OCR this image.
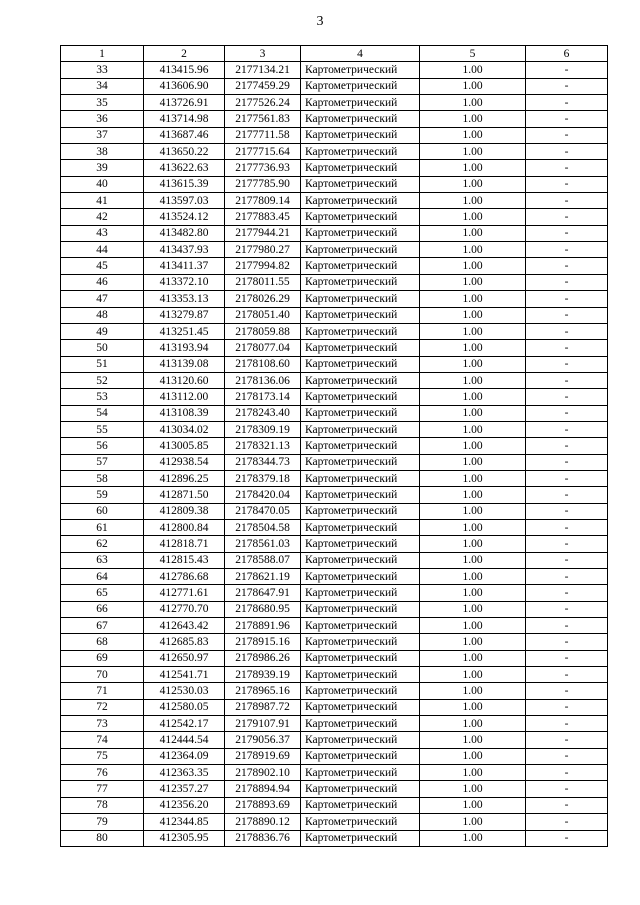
3
1	2	3	4	5	6
33	413415.96	2177134.21	Картометрический	1.00	-
34	413606.90	2177459.29	Картометрический	1.00	-
35	413726.91	2177526.24	Картометрический	1.00	-
36	413714.98	2177561.83	Картометрический	1.00	-
37	413687.46	2177711.58	Картометрический	1.00	-
38	413650.22	2177715.64	Картометрический	1.00	-
39	413622.63	2177736.93	Картометрический	1.00	-
40	413615.39	2177785.90	Картометрический	1.00	-
41	413597.03	2177809.14	Картометрический	1.00	-
42	413524.12	2177883.45	Картометрический	1.00	-
43	413482.80	2177944.21	Картометрический	1.00	-
44	413437.93	2177980.27	Картометрический	1.00	-
45	413411.37	2177994.82	Картометрический	1.00	-
46	413372.10	2178011.55	Картометрический	1.00	-
47	413353.13	2178026.29	Картометрический	1.00	-
48	413279.87	2178051.40	Картометрический	1.00	-
49	413251.45	2178059.88	Картометрический	1.00	-
50	413193.94	2178077.04	Картометрический	1.00	-
51	413139.08	2178108.60	Картометрический	1.00	-
52	413120.60	2178136.06	Картометрический	1.00	-
53	413112.00	2178173.14	Картометрический	1.00	-
54	413108.39	2178243.40	Картометрический	1.00	-
55	413034.02	2178309.19	Картометрический	1.00	-
56	413005.85	2178321.13	Картометрический	1.00	-
57	412938.54	2178344.73	Картометрический	1.00	-
58	412896.25	2178379.18	Картометрический	1.00	-
59	412871.50	2178420.04	Картометрический	1.00	-
60	412809.38	2178470.05	Картометрический	1.00	-
61	412800.84	2178504.58	Картометрический	1.00	-
62	412818.71	2178561.03	Картометрический	1.00	-
63	412815.43	2178588.07	Картометрический	1.00	-
64	412786.68	2178621.19	Картометрический	1.00	-
65	412771.61	2178647.91	Картометрический	1.00	-
66	412770.70	2178680.95	Картометрический	1.00	-
67	412643.42	2178891.96	Картометрический	1.00	-
68	412685.83	2178915.16	Картометрический	1.00	-
69	412650.97	2178986.26	Картометрический	1.00	-
70	412541.71	2178939.19	Картометрический	1.00	-
71	412530.03	2178965.16	Картометрический	1.00	-
72	412580.05	2178987.72	Картометрический	1.00	-
73	412542.17	2179107.91	Картометрический	1.00	-
74	412444.54	2179056.37	Картометрический	1.00	-
75	412364.09	2178919.69	Картометрический	1.00	-
76	412363.35	2178902.10	Картометрический	1.00	-
77	412357.27	2178894.94	Картометрический	1.00	-
78	412356.20	2178893.69	Картометрический	1.00	-
79	412344.85	2178890.12	Картометрический	1.00	-
80	412305.95	2178836.76	Картометрический	1.00	-
